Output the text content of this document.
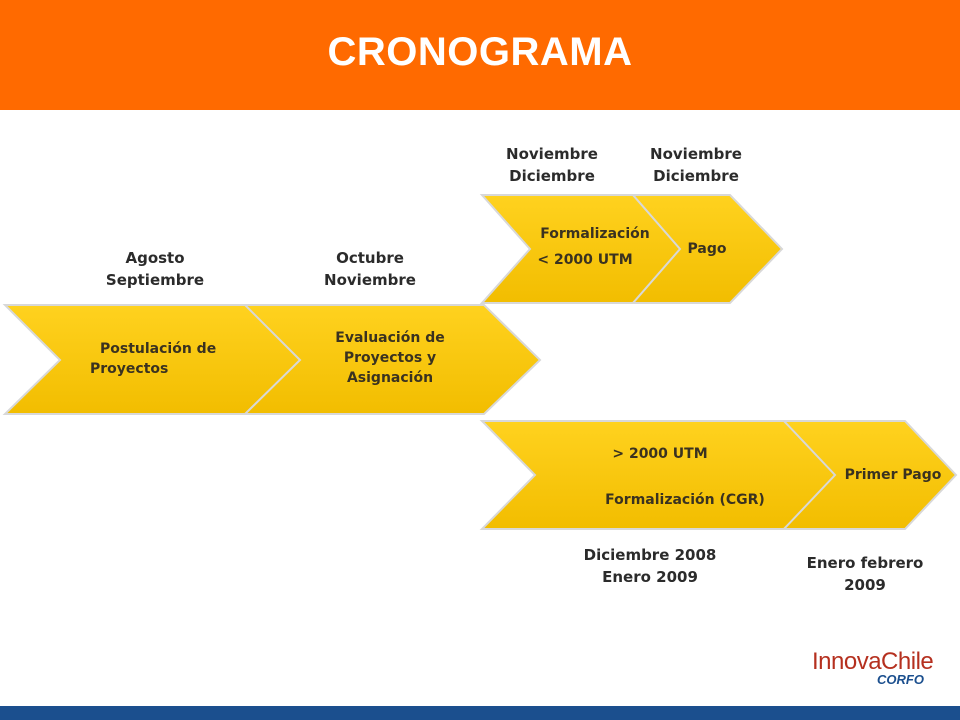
CRONOGRAMA
Postulación de
Proyectos
Evaluación de
Proyectos y
Asignación
Formalización
< 2000 UTM
Pago
> 2000 UTM
Formalización (CGR)
Primer Pago
Agosto
Septiembre
Octubre
Noviembre
Noviembre
Diciembre
Noviembre
Diciembre
Diciembre 2008
Enero 2009
Enero febrero
2009
InnovaChile
CORFO
